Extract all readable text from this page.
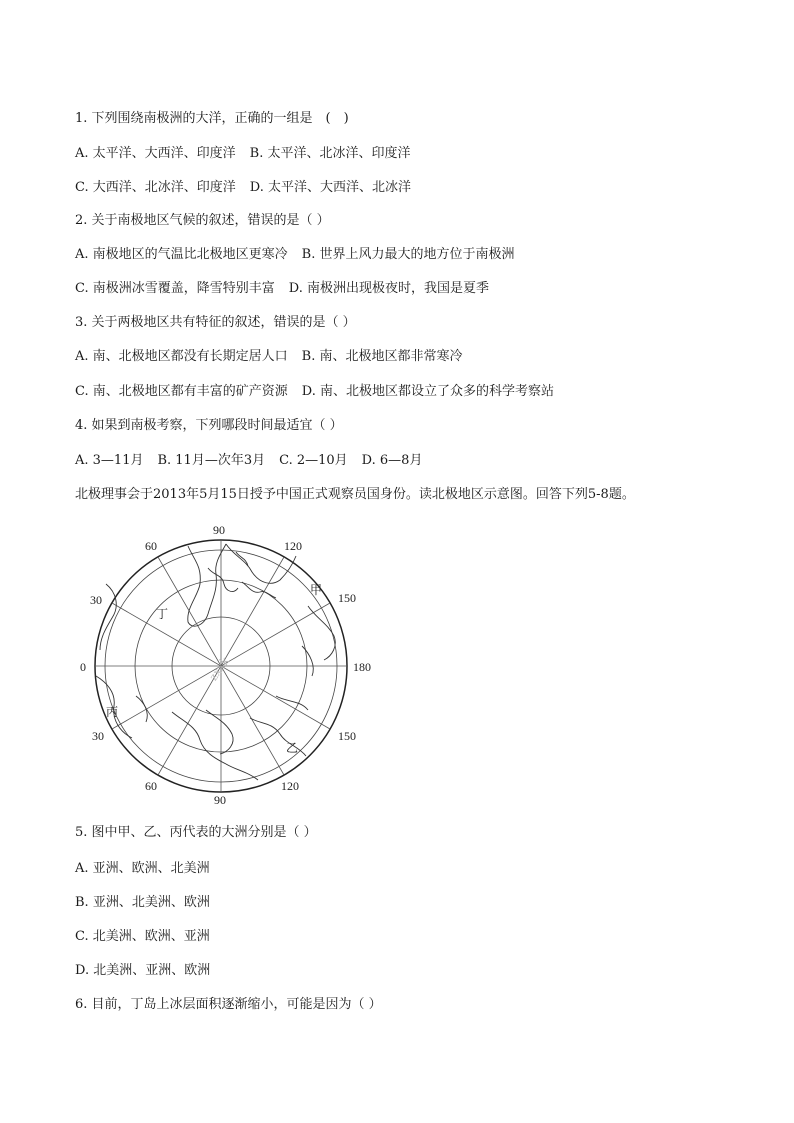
1. 下列围绕南极洲的大洋，正确的一组是　(　)
A. 太平洋、大西洋、印度洋 B. 太平洋、北冰洋、印度洋
C. 大西洋、北冰洋、印度洋 D. 太平洋、大西洋、北冰洋
2. 关于南极地区气候的叙述，错误的是（ ）
A. 南极地区的气温比北极地区更寒冷 B. 世界上风力最大的地方位于南极洲
C. 南极洲冰雪覆盖，降雪特别丰富 D. 南极洲出现极夜时，我国是夏季
3. 关于两极地区共有特征的叙述，错误的是（ ）
A. 南、北极地区都没有长期定居人口 B. 南、北极地区都非常寒冷
C. 南、北极地区都有丰富的矿产资源 D. 南、北极地区都设立了众多的科学考察站
4. 如果到南极考察，下列哪段时间最适宜（ ）
A. 3—11月 B. 11月—次年3月 C. 2—10月 D. 6—8月
北极理事会于2013年5月15日授予中国正式观察员国身份。读北极地区示意图。回答下列5-8题。
zxxk
90
60	120
30	150
0	180
30	150
60	120
90
甲
乙
丙
丁
5. 图中甲、乙、丙代表的大洲分别是（ ）
A. 亚洲、欧洲、北美洲
B. 亚洲、北美洲、欧洲
C. 北美洲、欧洲、亚洲
D. 北美洲、亚洲、欧洲
6. 目前，丁岛上冰层面积逐渐缩小，可能是因为（ ）
